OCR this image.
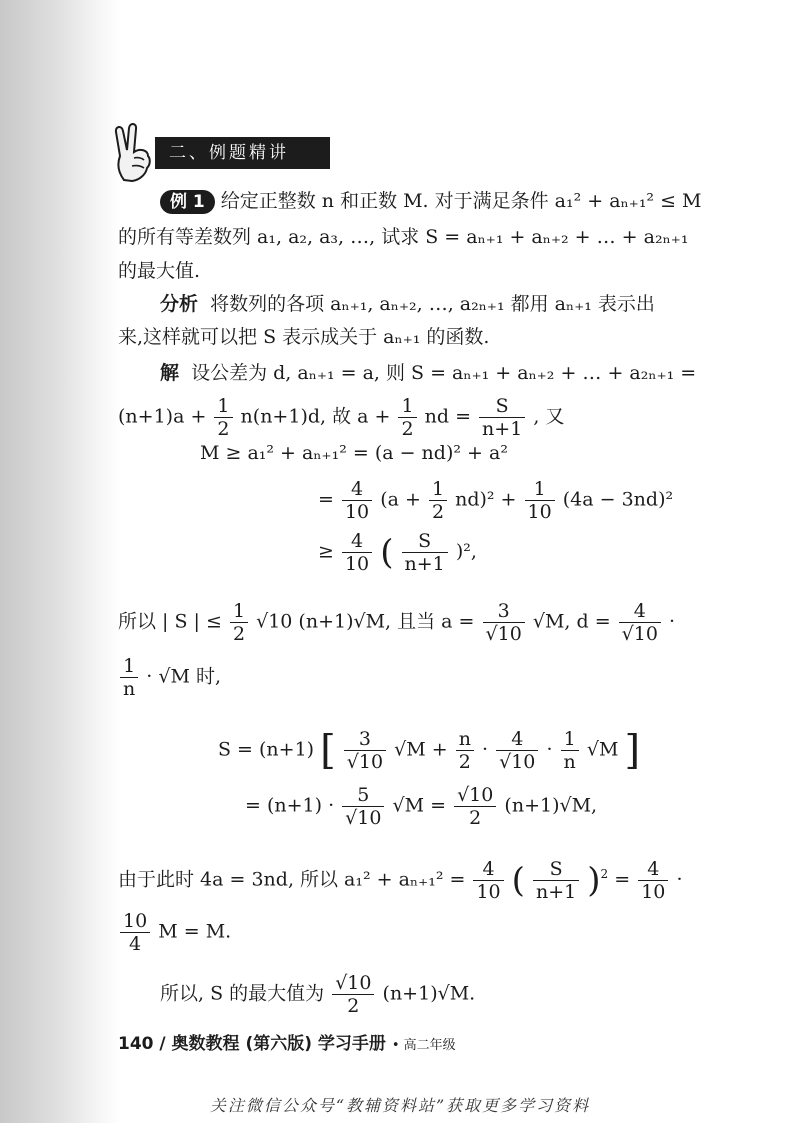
二、例题精讲
例 1 给定正整数 n 和正数 M. 对于满足条件 a₁² + aₙ₊₁² ≤ M
的所有等差数列 a₁, a₂, a₃, …, 试求 S = aₙ₊₁ + aₙ₊₂ + … + a₂ₙ₊₁
的最大值.
分析 将数列的各项 aₙ₊₁, aₙ₊₂, …, a₂ₙ₊₁ 都用 aₙ₊₁ 表示出
来,这样就可以把 S 表示成关于 aₙ₊₁ 的函数.
解 设公差为 d, aₙ₊₁ = a, 则 S = aₙ₊₁ + aₙ₊₂ + … + a₂ₙ₊₁ =
$(n+1)a + \frac{1}{2} n(n+1)d$, 故 $a + \frac{1}{2}$ nd = $\frac{S}{n+1}$ , 又
M ≥ a₁² + aₙ₊₁² = (a − nd)² + a²
= $\frac{4}{10} (a + \frac{1}{2} nd)^2 + \frac{1}{10} (4a - 3nd)^2$
≥ $\frac{4}{10}$ ( $\frac{S}{n+1} )^2$,
所以 | S | ≤ $\frac{1}{2} √10$ (n+1)√M, 且当 $a = \frac{3}{√10} √M$, $d = \frac{4}{√10}$ ·
$\frac{1}{n} \cdot √M$ 时,
S = (n+1) [ $\frac{3}{√10} √M + \frac{n}{2} \cdot \frac{4}{√10} \cdot \frac{1}{n} √M$ ]
= $(n+1) \cdot \frac{5}{√10} √M = \frac{√10}{2} (n+1)√M$,
由于此时 4a = 3nd, 所以 $a_1^2 + a_{n+1}^2 = \frac{4}{10}$ ( $\frac{S}{n+1} )^2 = \frac{4}{10}$ ·
$\frac{10}{4}$ M = M.
所以, S 的最大值为 $\frac{√10}{2} (n+1)√M$.
140 / 奥数教程 (第六版) 学习手册 • 高二年级
关注微信公众号“教辅资料站”获取更多学习资料
